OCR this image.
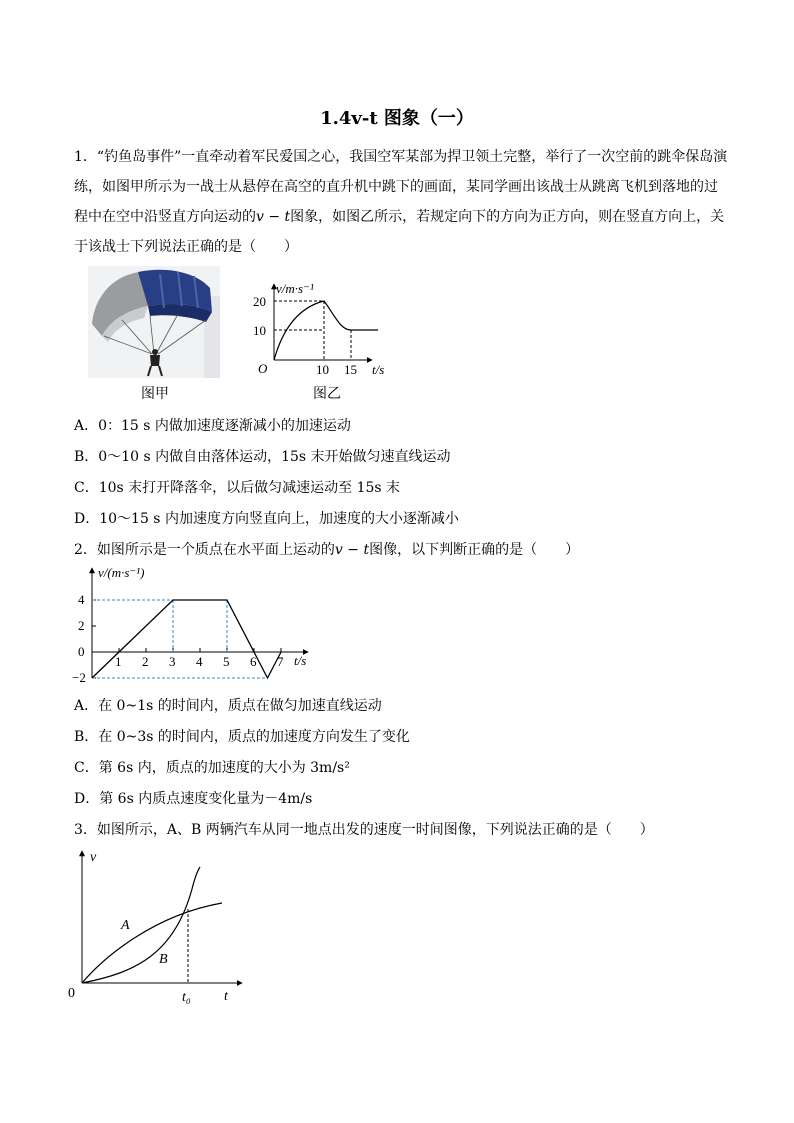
1.4v-t 图象（一）
1．“钓鱼岛事件”一直牵动着军民爱国之心，我国空军某部为捍卫领土完整，举行了一次空前的跳伞保岛演
练，如图甲所示为一战士从悬停在高空的直升机中跳下的画面，某同学画出该战士从跳离飞机到落地的过
程中在空中沿竖直方向运动的v − t图象，如图乙所示，若规定向下的方向为正方向，则在竖直方向上，关
于该战士下列说法正确的是（　　）
图甲
v/m·s⁻¹
t/s
O
20
10
10 15
图乙
A．0：15 s 内做加速度逐渐减小的加速运动
B．0～10 s 内做自由落体运动，15s 末开始做匀速直线运动
C．10s 末打开降落伞，以后做匀减速运动至 15s 末
D．10～15 s 内加速度方向竖直向上，加速度的大小逐渐减小
2．如图所示是一个质点在水平面上运动的v − t图像，以下判断正确的是（　　）
v/(m·s⁻¹)
t/s
4
2
0
−2
1 2 3 4 5 6 7
A．在 0~1s 的时间内，质点在做匀加速直线运动
B．在 0~3s 的时间内，质点的加速度方向发生了变化
C．第 6s 内，质点的加速度的大小为 3m/s²
D．第 6s 内质点速度变化量为－4m/s
3．如图所示，A、B 两辆汽车从同一地点出发的速度一时间图像，下列说法正确的是（　　）
v
t
0
A
B
t₀
